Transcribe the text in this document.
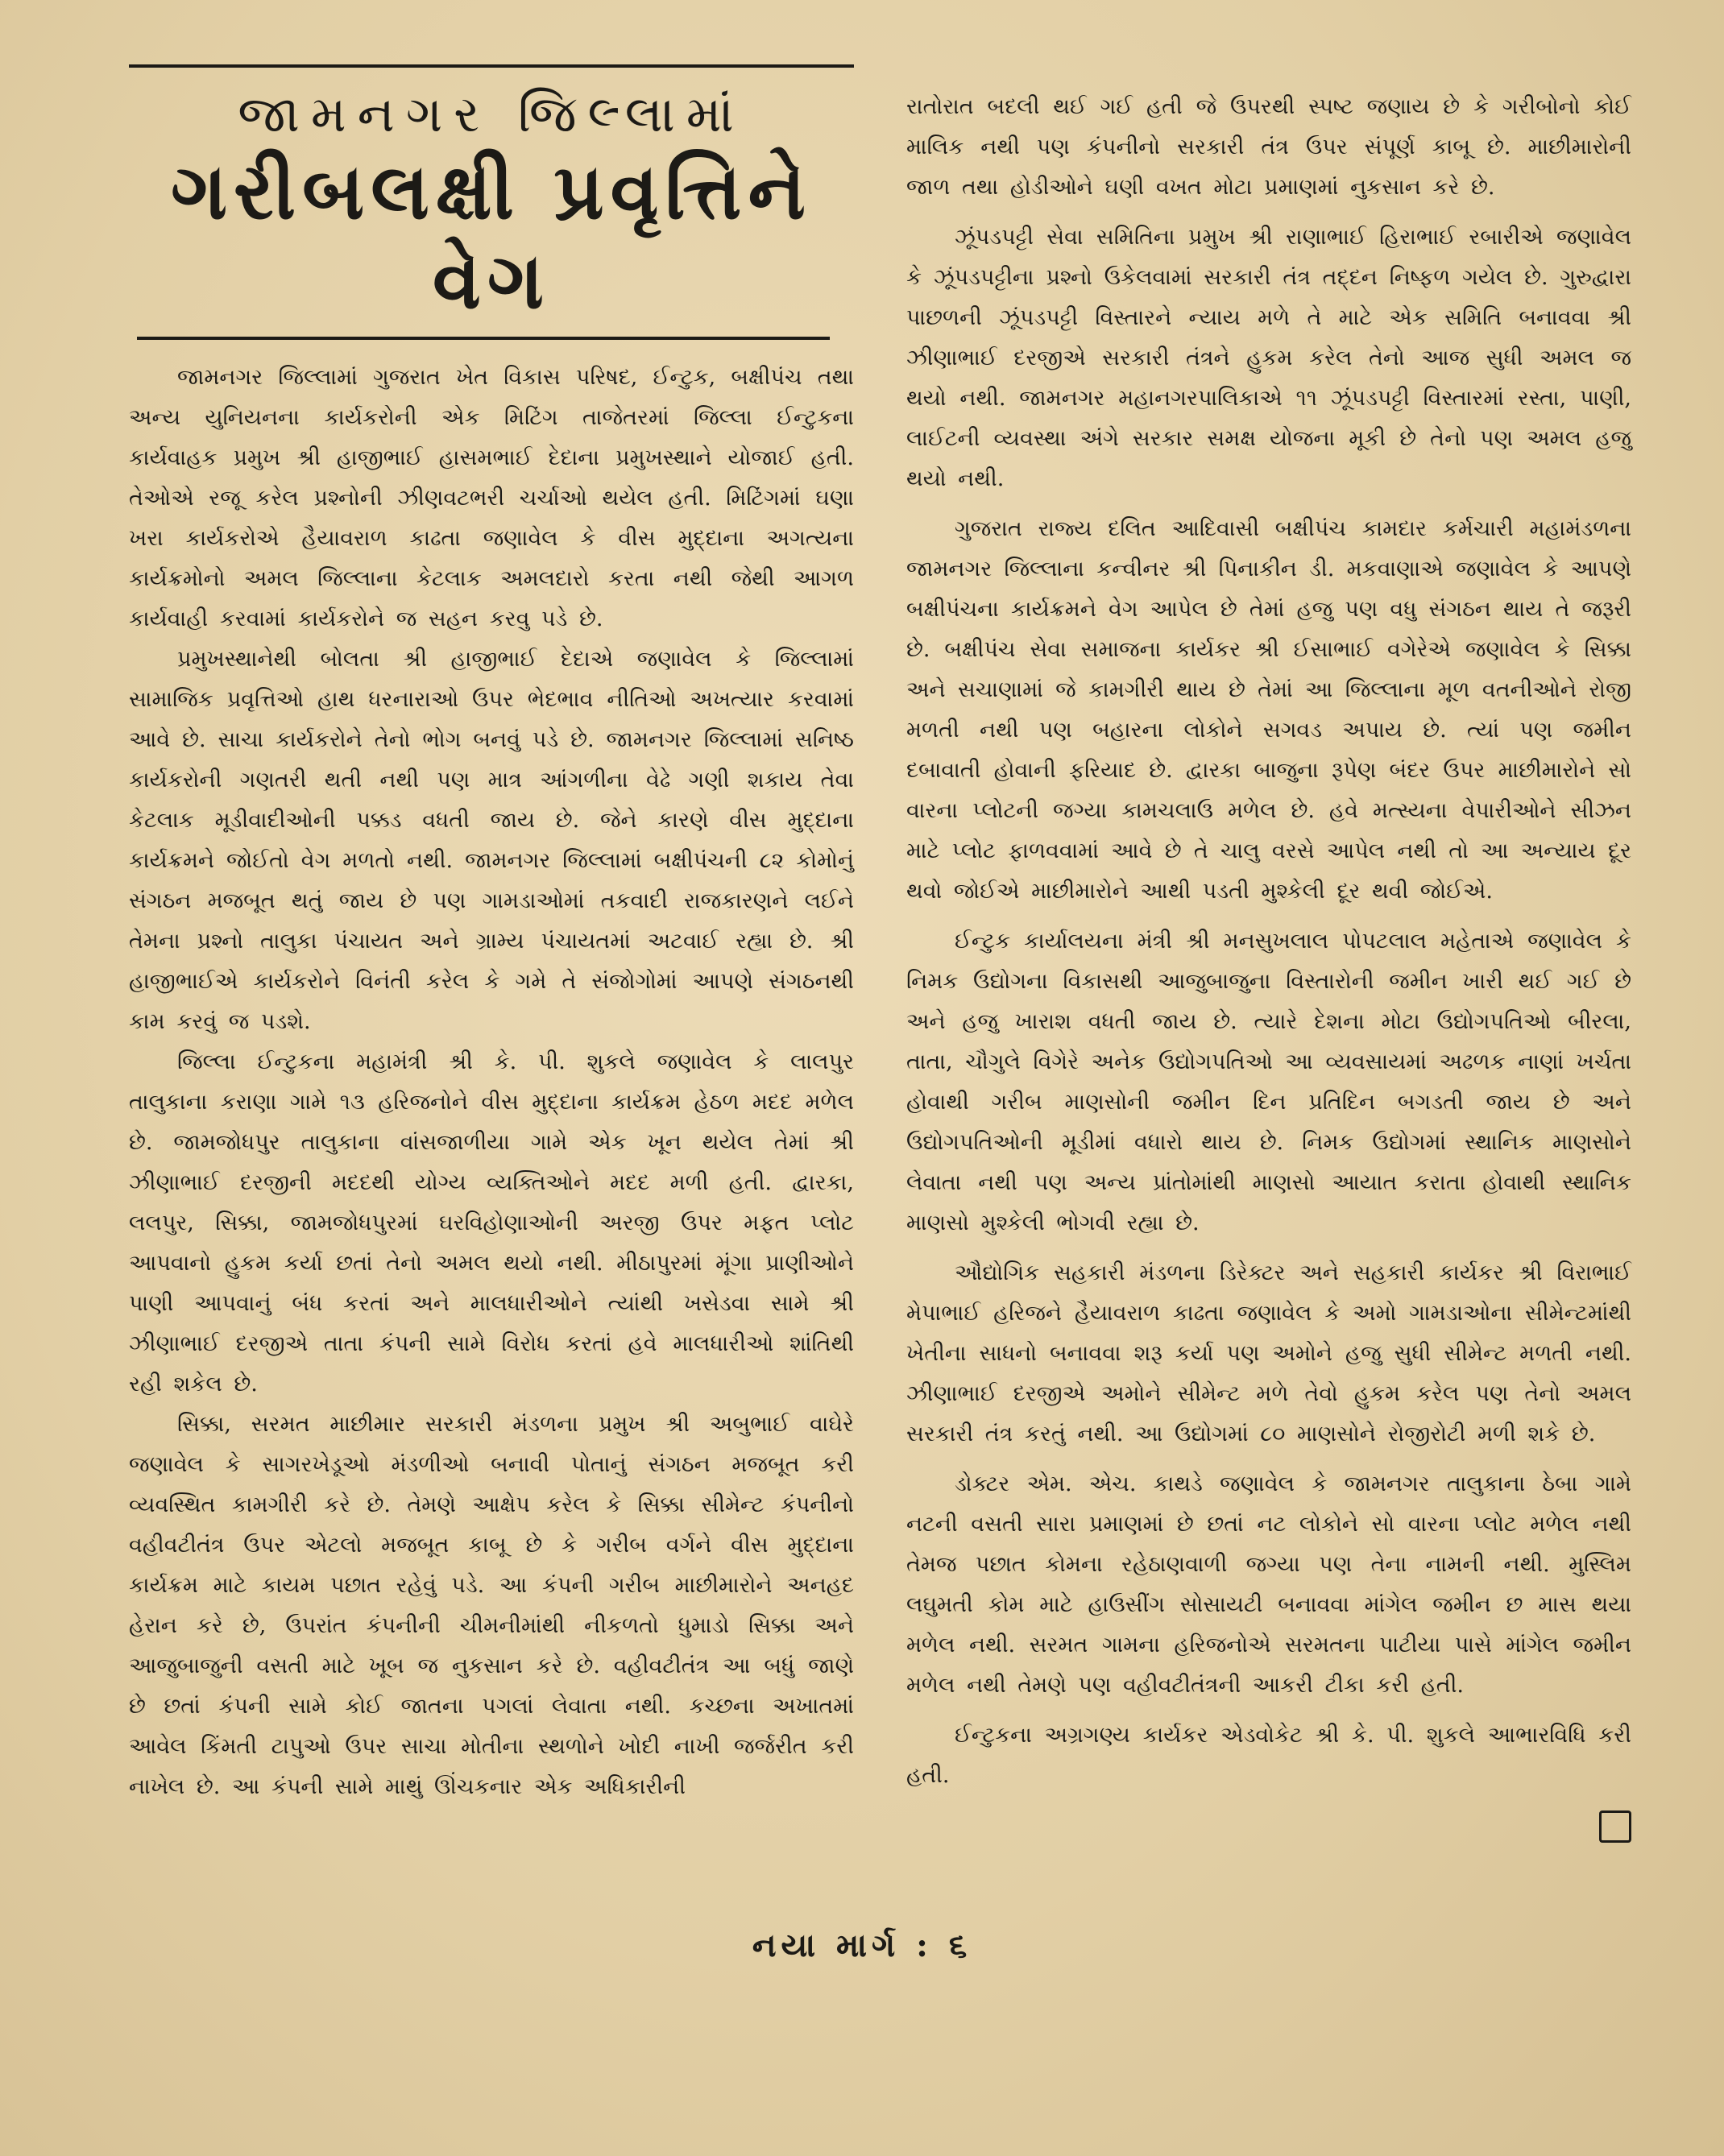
જામનગર જિલ્લામાં
ગરીબલક્ષી પ્રવૃત્તિને વેગ

જામનગર જિલ્લામાં ગુજરાત ખેત વિકાસ પરિષદ, ઈન્ટુક, બક્ષીપંચ તથા અન્ય યુનિયનના કાર્યકરોની એક મિટિંગ તાજેતરમાં જિલ્લા ઈન્ટુકના કાર્યવાહક પ્રમુખ શ્રી હાજીભાઈ હાસમભાઈ દેદાના પ્રમુખસ્થાને યોજાઈ હતી. તેઓએ રજૂ કરેલ પ્રશ્નોની ઝીણવટભરી ચર્ચાઓ થયેલ હતી. મિટિંગમાં ઘણા ખરા કાર્યકરોએ હૈયાવરાળ કાઢતા જણાવેલ કે વીસ મુદ્દાના અગત્યના કાર્યક્રમોનો અમલ જિલ્લાના કેટલાક અમલદારો કરતા નથી જેથી આગળ કાર્યવાહી કરવામાં કાર્યકરોને જ સહન કરવુ પડે છે.

પ્રમુખસ્થાનેથી બોલતા શ્રી હાજીભાઈ દેદાએ જણાવેલ કે જિલ્લામાં સામાજિક પ્રવૃત્તિઓ હાથ ધરનારાઓ ઉપર ભેદભાવ નીતિઓ અખત્યાર કરવામાં આવે છે. સાચા કાર્યકરોને તેનો ભોગ બનવું પડે છે. જામનગર જિલ્લામાં સનિષ્ઠ કાર્યકરોની ગણતરી થતી નથી પણ માત્ર આંગળીના વેઢે ગણી શકાય તેવા કેટલાક મૂડીવાદીઓની પક્કડ વધતી જાય છે. જેને કારણે વીસ મુદ્દાના કાર્યક્રમને જોઈતો વેગ મળતો નથી. જામનગર જિલ્લામાં બક્ષીપંચની ૮૨ કોમોનું સંગઠન મજબૂત થતું જાય છે પણ ગામડાઓમાં તકવાદી રાજકારણને લઈને તેમના પ્રશ્નો તાલુકા પંચાયત અને ગ્રામ્ય પંચાયતમાં અટવાઈ રહ્યા છે. શ્રી હાજીભાઈએ કાર્યકરોને વિનંતી કરેલ કે ગમે તે સંજોગોમાં આપણે સંગઠનથી કામ કરવું જ પડશે.

જિલ્લા ઈન્ટુકના મહામંત્રી શ્રી કે. પી. શુકલે જણાવેલ કે લાલપુર તાલુકાના કરાણા ગામે ૧૩ હરિજનોને વીસ મુદ્દાના કાર્યક્રમ હેઠળ મદદ મળેલ છે. જામજોધપુર તાલુકાના વાંસજાળીયા ગામે એક ખૂન થયેલ તેમાં શ્રી ઝીણાભાઈ દરજીની મદદથી યોગ્ય વ્યક્તિઓને મદદ મળી હતી. દ્વારકા, લલપુર, સિક્કા, જામજોધપુરમાં ઘરવિહોણાઓની અરજી ઉપર મફત પ્લોટ આપવાનો હુકમ કર્યા છતાં તેનો અમલ થયો નથી. મીઠાપુરમાં મૂંગા પ્રાણીઓને પાણી આપવાનું બંધ કરતાં અને માલધારીઓને ત્યાંથી ખસેડવા સામે શ્રી ઝીણાભાઈ દરજીએ તાતા કંપની સામે વિરોધ કરતાં હવે માલધારીઓ શાંતિથી રહી શકેલ છે.

સિક્કા, સરમત માછીમાર સરકારી મંડળના પ્રમુખ શ્રી અબુભાઈ વાઘેરે જણાવેલ કે સાગરખેડૂઓ મંડળીઓ બનાવી પોતાનું સંગઠન મજબૂત કરી વ્યવસ્થિત કામગીરી કરે છે. તેમણે આક્ષેપ કરેલ કે સિક્કા સીમેન્ટ કંપનીનો વહીવટીતંત્ર ઉપર એટલો મજબૂત કાબૂ છે કે ગરીબ વર્ગને વીસ મુદ્દાના કાર્યક્રમ માટે કાયમ પછાત રહેવું પડે. આ કંપની ગરીબ માછીમારોને અનહદ હેરાન કરે છે, ઉપરાંત કંપનીની ચીમનીમાંથી નીકળતો ધુમાડો સિક્કા અને આજુબાજુની વસતી માટે ખૂબ જ નુકસાન કરે છે. વહીવટીતંત્ર આ બધું જાણે છે છતાં કંપની સામે કોઈ જાતના પગલાં લેવાતા નથી. કચ્છના અખાતમાં આવેલ કિંમતી ટાપુઓ ઉપર સાચા મોતીના સ્થળોને ખોદી નાખી જર્જરીત કરી નાખેલ છે. આ કંપની સામે માથું ઊંચકનાર એક અધિકારીની

રાતોરાત બદલી થઈ ગઈ હતી જે ઉપરથી સ્પષ્ટ જણાય છે કે ગરીબોનો કોઈ માલિક નથી પણ કંપનીનો સરકારી તંત્ર ઉપર સંપૂર્ણ કાબૂ છે. માછીમારોની જાળ તથા હોડીઓને ઘણી વખત મોટા પ્રમાણમાં નુકસાન કરે છે.

ઝૂંપડપટ્ટી સેવા સમિતિના પ્રમુખ શ્રી રાણાભાઈ હિરાભાઈ રબારીએ જણાવેલ કે ઝૂંપડપટ્ટીના પ્રશ્નો ઉકેલવામાં સરકારી તંત્ર તદ્દન નિષ્ફળ ગયેલ છે. ગુરુદ્વારા પાછળની ઝૂંપડપટ્ટી વિસ્તારને ન્યાય મળે તે માટે એક સમિતિ બનાવવા શ્રી ઝીણાભાઈ દરજીએ સરકારી તંત્રને હુકમ કરેલ તેનો આજ સુધી અમલ જ થયો નથી. જામનગર મહાનગરપાલિકાએ ૧૧ ઝૂંપડપટ્ટી વિસ્તારમાં રસ્તા, પાણી, લાઈટની વ્યવસ્થા અંગે સરકાર સમક્ષ યોજના મૂકી છે તેનો પણ અમલ હજુ થયો નથી.

ગુજરાત રાજ્ય દલિત આદિવાસી બક્ષીપંચ કામદાર કર્મચારી મહામંડળના જામનગર જિલ્લાના કન્વીનર શ્રી પિનાકીન ડી. મકવાણાએ જણાવેલ કે આપણે બક્ષીપંચના કાર્યક્રમને વેગ આપેલ છે તેમાં હજુ પણ વધુ સંગઠન થાય તે જરૂરી છે. બક્ષીપંચ સેવા સમાજના કાર્યકર શ્રી ઈસાભાઈ વગેરેએ જણાવેલ કે સિક્કા અને સચાણામાં જે કામગીરી થાય છે તેમાં આ જિલ્લાના મૂળ વતનીઓને રોજી મળતી નથી પણ બહારના લોકોને સગવડ અપાય છે. ત્યાં પણ જમીન દબાવાતી હોવાની ફરિયાદ છે. દ્વારકા બાજુના રૂપેણ બંદર ઉપર માછીમારોને સો વારના પ્લોટની જગ્યા કામચલાઉ મળેલ છે. હવે મત્સ્યના વેપારીઓને સીઝન માટે પ્લોટ ફાળવવામાં આવે છે તે ચાલુ વરસે આપેલ નથી તો આ અન્યાય દૂર થવો જોઈએ માછીમારોને આથી પડતી મુશ્કેલી દૂર થવી જોઈએ.

ઈન્ટુક કાર્યાલયના મંત્રી શ્રી મનસુખલાલ પોપટલાલ મહેતાએ જણાવેલ કે નિમક ઉદ્યોગના વિકાસથી આજુબાજુના વિસ્તારોની જમીન ખારી થઈ ગઈ છે અને હજુ ખારાશ વધતી જાય છે. ત્યારે દેશના મોટા ઉદ્યોગપતિઓ બીરલા, તાતા, ચૌગુલે વિગેરે અનેક ઉદ્યોગપતિઓ આ વ્યવસાયમાં અઢળક નાણાં ખર્ચતા હોવાથી ગરીબ માણસોની જમીન દિન પ્રતિદિન બગડતી જાય છે અને ઉદ્યોગપતિઓની મૂડીમાં વધારો થાય છે. નિમક ઉદ્યોગમાં સ્થાનિક માણસોને લેવાતા નથી પણ અન્ય પ્રાંતોમાંથી માણસો આયાત કરાતા હોવાથી સ્થાનિક માણસો મુશ્કેલી ભોગવી રહ્યા છે.

ઔદ્યોગિક સહકારી મંડળના ડિરેક્ટર અને સહકારી કાર્યકર શ્રી વિરાભાઈ મેપાભાઈ હરિજને હૈયાવરાળ કાઢતા જણાવેલ કે અમો ગામડાઓના સીમેન્ટમાંથી ખેતીના સાધનો બનાવવા શરૂ કર્યા પણ અમોને હજુ સુધી સીમેન્ટ મળતી નથી. ઝીણાભાઈ દરજીએ અમોને સીમેન્ટ મળે તેવો હુકમ કરેલ પણ તેનો અમલ સરકારી તંત્ર કરતું નથી. આ ઉદ્યોગમાં ૮૦ માણસોને રોજીરોટી મળી શકે છે.

ડોક્ટર એમ. એચ. કાથડે જણાવેલ કે જામનગર તાલુકાના ઠેબા ગામે નટની વસતી સારા પ્રમાણમાં છે છતાં નટ લોકોને સો વારના પ્લોટ મળેલ નથી તેમજ પછાત કોમના રહેઠાણવાળી જગ્યા પણ તેના નામની નથી. મુસ્લિમ લઘુમતી કોમ માટે હાઉસીંગ સોસાયટી બનાવવા માંગેલ જમીન છ માસ થયા મળેલ નથી. સરમત ગામના હરિજનોએ સરમતના પાટીયા પાસે માંગેલ જમીન મળેલ નથી તેમણે પણ વહીવટીતંત્રની આકરી ટીકા કરી હતી.

ઈન્ટુકના અગ્રગણ્ય કાર્યકર એડવોકેટ શ્રી કે. પી. શુકલે આભારવિધિ કરી હતી.

નયા માર્ગ : ૬
